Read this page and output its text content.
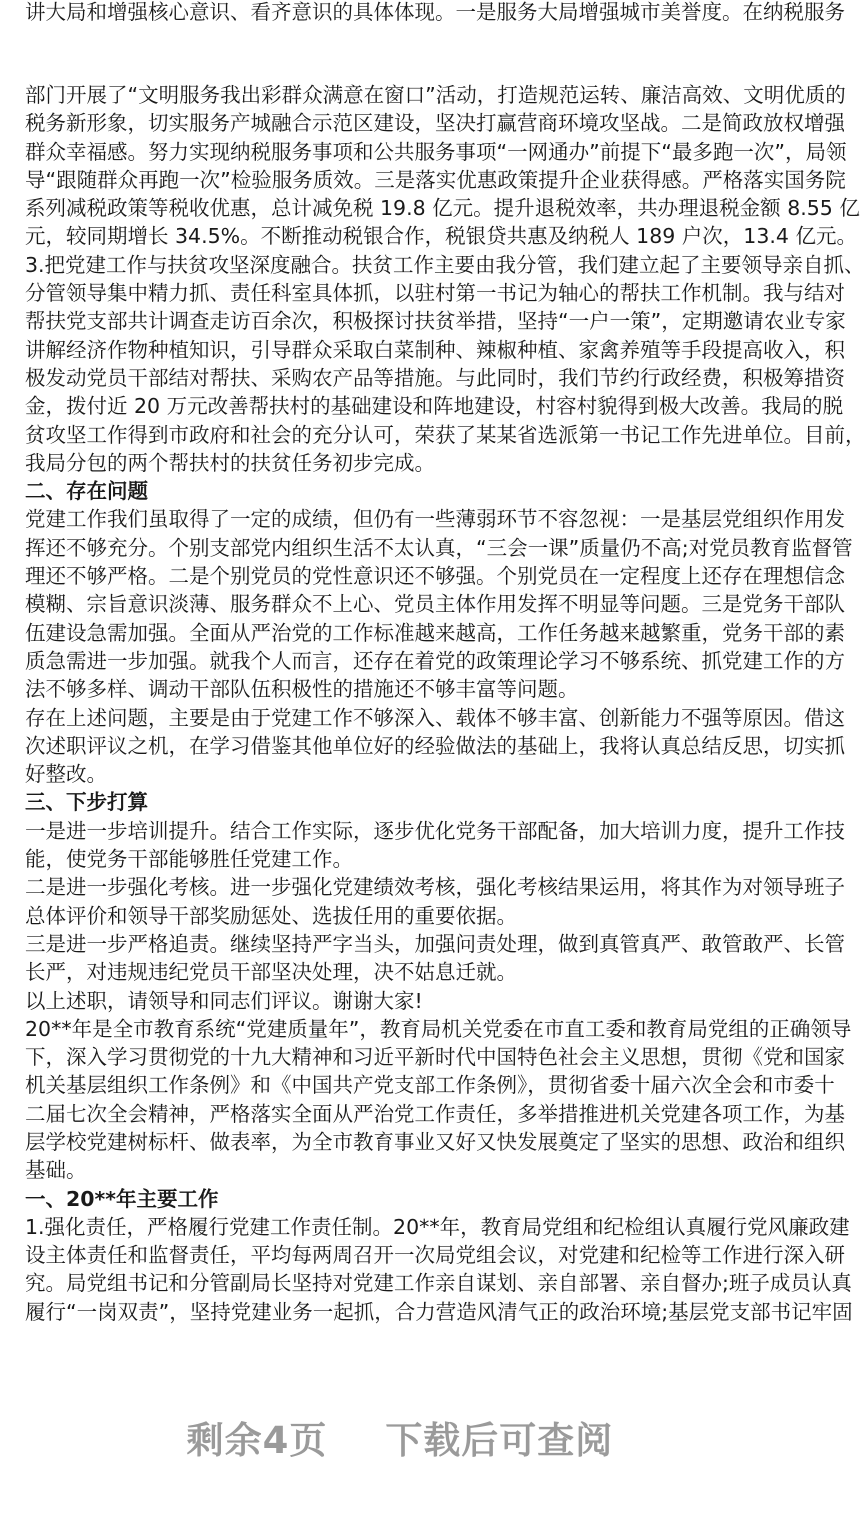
讲大局和增强核心意识、看齐意识的具体体现。一是服务大局增强城市美誉度。在纳税服务
部门开展了“文明服务我出彩群众满意在窗口”活动，打造规范运转、廉洁高效、文明优质的
税务新形象，切实服务产城融合示范区建设，坚决打赢营商环境攻坚战。二是简政放权增强
群众幸福感。努力实现纳税服务事项和公共服务事项“一网通办”前提下“最多跑一次”，局领
导“跟随群众再跑一次”检验服务质效。三是落实优惠政策提升企业获得感。严格落实国务院
系列减税政策等税收优惠，总计减免税 19.8 亿元。提升退税效率，共办理退税金额 8.55 亿
元，较同期增长 34.5%。不断推动税银合作，税银贷共惠及纳税人 189 户次，13.4 亿元。
3.把党建工作与扶贫攻坚深度融合。扶贫工作主要由我分管，我们建立起了主要领导亲自抓、
分管领导集中精力抓、责任科室具体抓，以驻村第一书记为轴心的帮扶工作机制。我与结对
帮扶党支部共计调查走访百余次，积极探讨扶贫举措，坚持“一户一策”，定期邀请农业专家
讲解经济作物种植知识，引导群众采取白菜制种、辣椒种植、家禽养殖等手段提高收入，积
极发动党员干部结对帮扶、采购农产品等措施。与此同时，我们节约行政经费，积极筹措资
金，拨付近 20 万元改善帮扶村的基础建设和阵地建设，村容村貌得到极大改善。我局的脱
贫攻坚工作得到市政府和社会的充分认可，荣获了某某省选派第一书记工作先进单位。目前，
我局分包的两个帮扶村的扶贫任务初步完成。
二、存在问题
党建工作我们虽取得了一定的成绩，但仍有一些薄弱环节不容忽视：一是基层党组织作用发
挥还不够充分。个别支部党内组织生活不太认真，“三会一课”质量仍不高;对党员教育监督管
理还不够严格。二是个别党员的党性意识还不够强。个别党员在一定程度上还存在理想信念
模糊、宗旨意识淡薄、服务群众不上心、党员主体作用发挥不明显等问题。三是党务干部队
伍建设急需加强。全面从严治党的工作标准越来越高，工作任务越来越繁重，党务干部的素
质急需进一步加强。就我个人而言，还存在着党的政策理论学习不够系统、抓党建工作的方
法不够多样、调动干部队伍积极性的措施还不够丰富等问题。
存在上述问题，主要是由于党建工作不够深入、载体不够丰富、创新能力不强等原因。借这
次述职评议之机，在学习借鉴其他单位好的经验做法的基础上，我将认真总结反思，切实抓
好整改。
三、下步打算
一是进一步培训提升。结合工作实际，逐步优化党务干部配备，加大培训力度，提升工作技
能，使党务干部能够胜任党建工作。
二是进一步强化考核。进一步强化党建绩效考核，强化考核结果运用，将其作为对领导班子
总体评价和领导干部奖励惩处、选拔任用的重要依据。
三是进一步严格追责。继续坚持严字当头，加强问责处理，做到真管真严、敢管敢严、长管
长严，对违规违纪党员干部坚决处理，决不姑息迁就。
以上述职，请领导和同志们评议。谢谢大家!
20**年是全市教育系统“党建质量年”，教育局机关党委在市直工委和教育局党组的正确领导
下，深入学习贯彻党的十九大精神和习近平新时代中国特色社会主义思想，贯彻《党和国家
机关基层组织工作条例》和《中国共产党支部工作条例》，贯彻省委十届六次全会和市委十
二届七次全会精神，严格落实全面从严治党工作责任，多举措推进机关党建各项工作，为基
层学校党建树标杆、做表率，为全市教育事业又好又快发展奠定了坚实的思想、政治和组织
基础。
一、20**年主要工作
1.强化责任，严格履行党建工作责任制。20**年，教育局党组和纪检组认真履行党风廉政建
设主体责任和监督责任，平均每两周召开一次局党组会议，对党建和纪检等工作进行深入研
究。局党组书记和分管副局长坚持对党建工作亲自谋划、亲自部署、亲自督办;班子成员认真
履行“一岗双责”，坚持党建业务一起抓，合力营造风清气正的政治环境;基层党支部书记牢固
剩余4页 下载后可查阅
